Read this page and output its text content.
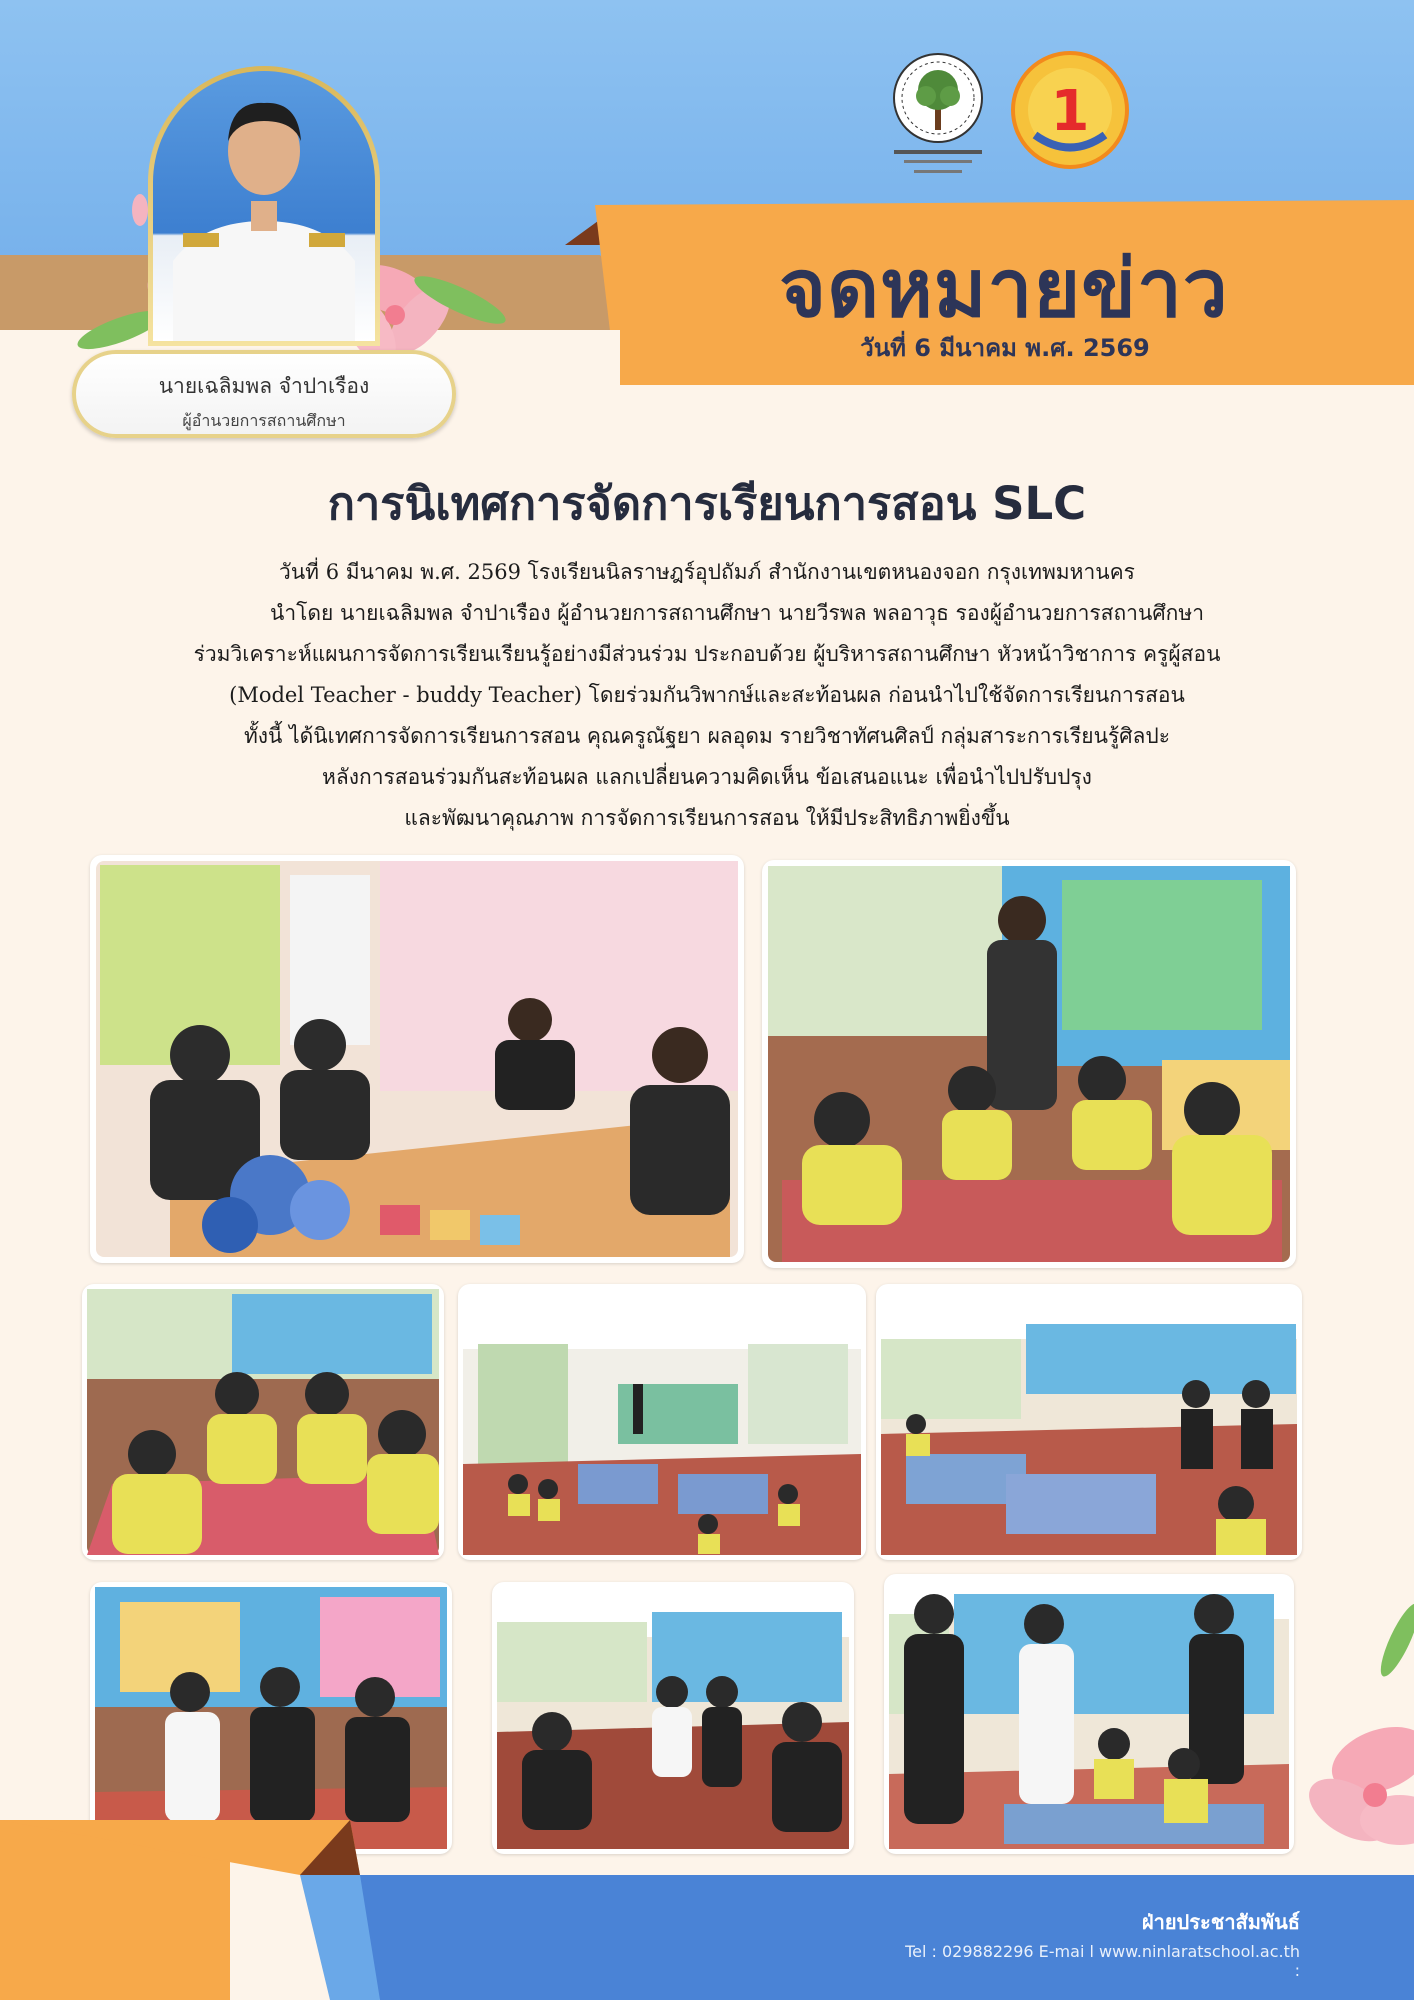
นายเฉลิมพล จำปาเรือง
ผู้อำนวยการสถานศึกษา
1
จดหมายข่าว
วันที่ 6 มีนาคม พ.ศ. 2569
การนิเทศการจัดการเรียนการสอน SLC
วันที่ 6 มีนาคม พ.ศ. 2569 โรงเรียนนิลราษฎร์อุปถัมภ์ สำนักงานเขตหนองจอก กรุงเทพมหานคร
นำโดย นายเฉลิมพล จำปาเรือง ผู้อำนวยการสถานศึกษา นายวีรพล พลอาวุธ รองผู้อำนวยการสถานศึกษา
ร่วมวิเคราะห์แผนการจัดการเรียนเรียนรู้อย่างมีส่วนร่วม ประกอบด้วย ผู้บริหารสถานศึกษา หัวหน้าวิชาการ ครูผู้สอน
(Model Teacher - buddy Teacher) โดยร่วมกันวิพากษ์และสะท้อนผล ก่อนนำไปใช้จัดการเรียนการสอน
ทั้งนี้ ได้นิเทศการจัดการเรียนการสอน คุณครูณัฐยา ผลอุดม รายวิชาทัศนศิลป์ กลุ่มสาระการเรียนรู้ศิลปะ
หลังการสอนร่วมกันสะท้อนผล แลกเปลี่ยนความคิดเห็น ข้อเสนอแนะ เพื่อนำไปปรับปรุง
และพัฒนาคุณภาพ การจัดการเรียนการสอน ให้มีประสิทธิภาพยิ่งขึ้น
ฝ่ายประชาสัมพันธ์
Tel : 029882296 E-mai l www.ninlaratschool.ac.th :
